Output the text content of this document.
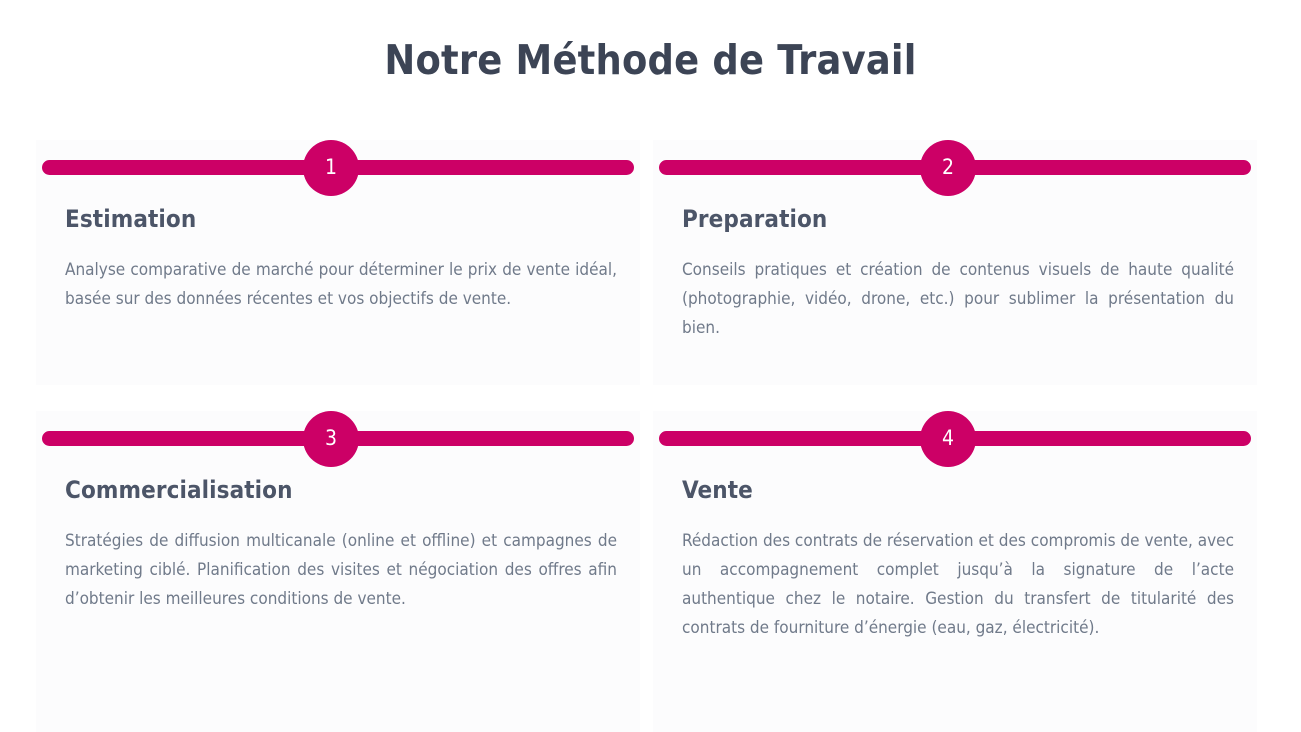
Notre Méthode de Travail
1
Estimation

Analyse comparative de marché pour déterminer le prix de vente idéal, basée sur des données récentes et vos objectifs de vente.

2
Preparation

Conseils pratiques et création de contenus visuels de haute qualité (photographie, vidéo, drone, etc.) pour sublimer la présentation du bien.

3
Commercialisation

Stratégies de diffusion multicanale (online et offline) et campagnes de marketing ciblé. Planification des visites et négociation des offres afin d’obtenir les meilleures conditions de vente.

4
Vente

Rédaction des contrats de réservation et des compromis de vente, avec un accompagnement complet jusqu’à la signature de l’acte authentique chez le notaire. Gestion du transfert de titularité des contrats de fourniture d’énergie (eau, gaz, électricité).
